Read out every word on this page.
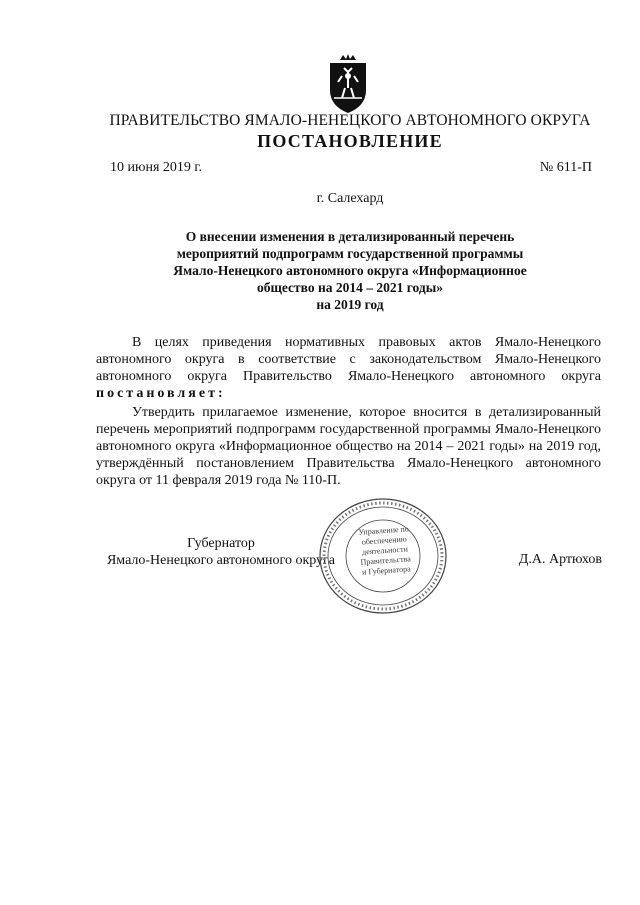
ПРАВИТЕЛЬСТВО ЯМАЛО-НЕНЕЦКОГО АВТОНОМНОГО ОКРУГА
ПОСТАНОВЛЕНИЕ
10 июня 2019 г.	№ 611-П
г. Салехард
О внесении изменения в детализированный перечень
мероприятий подпрограмм государственной программы
Ямало-Ненецкого автономного округа «Информационное
общество на 2014 – 2021 годы»
на 2019 год
В целях приведения нормативных правовых актов Ямало-Ненецкого автономного округа в соответствие с законодательством Ямало-Ненецкого автономного округа Правительство Ямало-Ненецкого автономного округа постановляет:
Утвердить прилагаемое изменение, которое вносится в детализированный перечень мероприятий подпрограмм государственной программы Ямало-Ненецкого автономного округа «Информационное общество на 2014 – 2021 годы» на 2019 год, утверждённый постановлением Правительства Ямало-Ненецкого автономного округа от 11 февраля 2019 года № 110-П.
Губернатор
Ямало-Ненецкого автономного округа	Д.А. Артюхов
Управление по
обеспечению
деятельности
Правительства
и Губернатора
